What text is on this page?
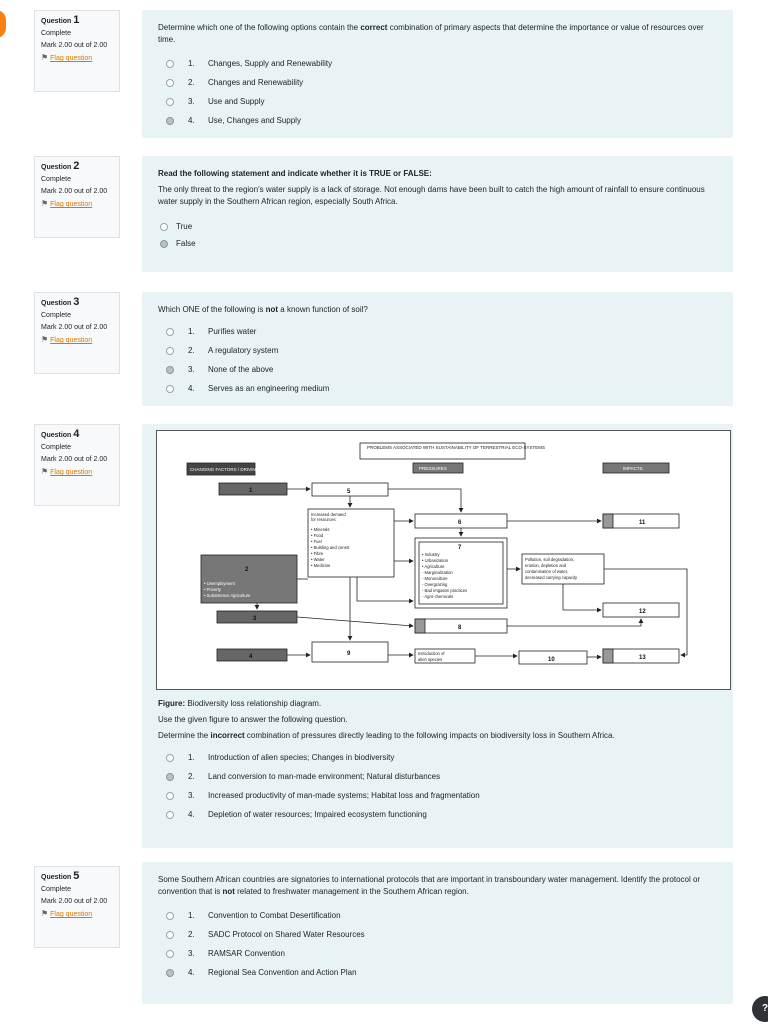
Question 1
Complete
Mark 2.00 out of 2.00
⚑ Flag question

Determine which one of the following options contain the correct combination of primary aspects that determine the importance or value of resources over time.

1.	Changes, Supply and Renewability
2.	Changes and Renewability
3.	Use and Supply
4.	Use, Changes and Supply
Question 2
Complete
Mark 2.00 out of 2.00
⚑ Flag question

Read the following statement and indicate whether it is TRUE or FALSE:

The only threat to the region's water supply is a lack of storage. Not enough dams have been built to catch the high amount of rainfall to ensure continuous water supply in the Southern African region, especially South Africa.

True
False
Question 3
Complete
Mark 2.00 out of 2.00
⚑ Flag question

Which ONE of the following is not a known function of soil?

1.	Purifies water
2.	A regulatory system
3.	None of the above
4.	Serves as an engineering medium
Question 4
Complete
Mark 2.00 out of 2.00
⚑ Flag question
PROBLEMS ASSOCIATED WITH SUSTAINABILITY OF TERRESTRIAL ECO-SYSTEMS
CHANGING FACTORS / DRIVING FORCES	PRESSURES	IMPACTS
1
2
3
4
5
6
7
8
9
10
11
12
13
Increased demand
for resources:
• Minerals
• Food
• Fuel
• Building and constr.
• Fibre
• Water
• Medicine
• Industry
• Urbanization
• Agriculture
- Marginalization
- Monoculture
- Overgrazing
- Bad irrigation practices
- Agro-chemicals
Pollution, soil degradation,
erosion, depletion and
contamination of water,
decreased carrying capacity
• Unemployment
• Poverty
• Subsistence Agriculture
Introduction of
alien species

Figure: Biodiversity loss relationship diagram.

Use the given figure to answer the following question.

Determine the incorrect combination of pressures directly leading to the following impacts on biodiversity loss in Southern Africa.

1.	Introduction of alien species; Changes in biodiversity
2.	Land conversion to man-made environment; Natural disturbances
3.	Increased productivity of man-made systems; Habitat loss and fragmentation
4.	Depletion of water resources; Impaired ecosystem functioning
Question 5
Complete
Mark 2.00 out of 2.00
⚑ Flag question

Some Southern African countries are signatories to international protocols that are important in transboundary water management. Identify the protocol or convention that is not related to freshwater management in the Southern African region.

1.	Convention to Combat Desertification
2.	SADC Protocol on Shared Water Resources
3.	RAMSAR Convention
4.	Regional Sea Convention and Action Plan
?
